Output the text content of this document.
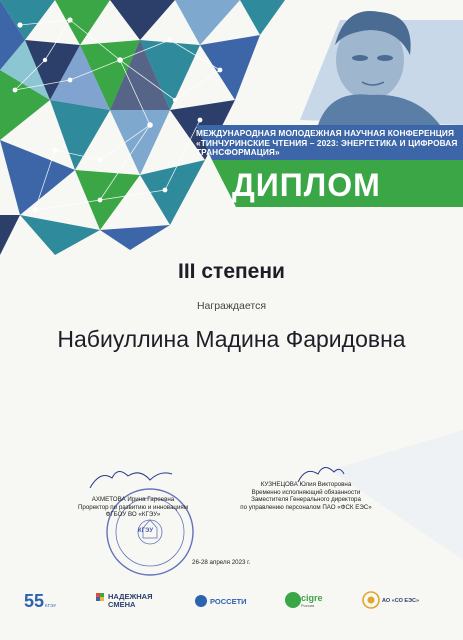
МЕЖДУНАРОДНАЯ МОЛОДЕЖНАЯ НАУЧНАЯ КОНФЕРЕНЦИЯ
«ТИНЧУРИНСКИЕ ЧТЕНИЯ – 2023: ЭНЕРГЕТИКА И ЦИФРОВАЯ
ТРАНСФОРМАЦИЯ»
ДИПЛОМ
III степени
Награждается
Набиуллина Мадина Фаридовна
АХМЕТОВА Ирина Гареевна
Проректор по развитию и инновациям
ФГБОУ ВО «КГЭУ»
КУЗНЕЦОВА Юлия Викторовна
Временно исполняющий обязанности
Заместителя Генерального директора
по управлению персоналом ПАО «ФСК ЕЭС»
КГЭУ
26-28 апреля 2023 г.
55 КГЭУ
НАДЕЖНАЯ
СМЕНА	РОССЕТИ	cigre
Россия
АО «СО ЕЭС»
